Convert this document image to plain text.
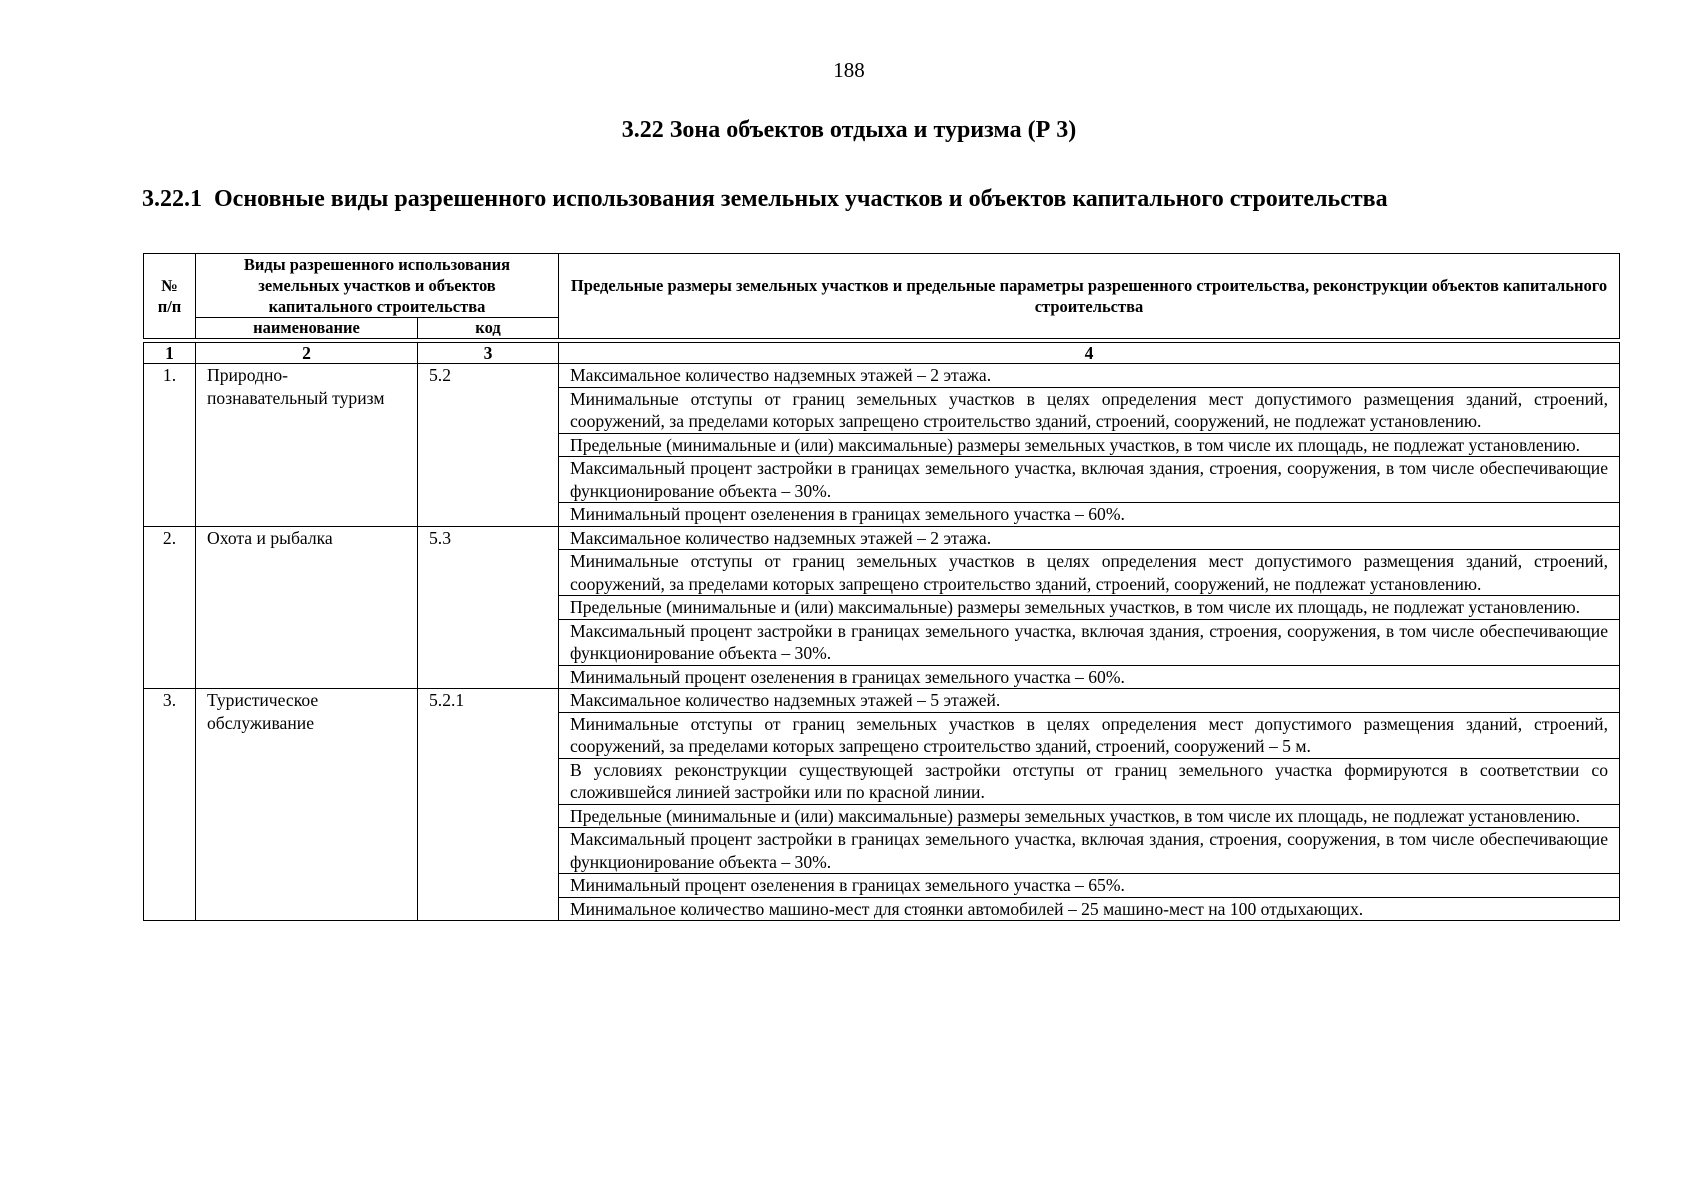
188
3.22 Зона объектов отдыха и туризма (Р 3)
3.22.1 Основные виды разрешенного использования земельных участков и объектов капитального строительства
№ п/п	Виды разрешенного использования земельных участков и объектов капитального строительства		Предельные размеры земельных участков и предельные параметры разрешенного строительства, реконструкции объектов капитального строительства
	наименование	код	

1	2	3	4
1.	Природно-познавательный туризм	5.2	Максимальное количество надземных этажей – 2 этажа.
			Минимальные отступы от границ земельных участков в целях определения мест допустимого размещения зданий, строений, сооружений, за пределами которых запрещено строительство зданий, строений, сооружений, не подлежат установлению.
			Предельные (минимальные и (или) максимальные) размеры земельных участков, в том числе их площадь, не подлежат установлению.
			Максимальный процент застройки в границах земельного участка, включая здания, строения, сооружения, в том числе обеспечивающие функционирование объекта – 30%.
			Минимальный процент озеленения в границах земельного участка – 60%.
2.	Охота и рыбалка	5.3	Максимальное количество надземных этажей – 2 этажа.
			Минимальные отступы от границ земельных участков в целях определения мест допустимого размещения зданий, строений, сооружений, за пределами которых запрещено строительство зданий, строений, сооружений, не подлежат установлению.
			Предельные (минимальные и (или) максимальные) размеры земельных участков, в том числе их площадь, не подлежат установлению.
			Максимальный процент застройки в границах земельного участка, включая здания, строения, сооружения, в том числе обеспечивающие функционирование объекта – 30%.
			Минимальный процент озеленения в границах земельного участка – 60%.
3.	Туристическое обслуживание	5.2.1	Максимальное количество надземных этажей – 5 этажей.
			Минимальные отступы от границ земельных участков в целях определения мест допустимого размещения зданий, строений, сооружений, за пределами которых запрещено строительство зданий, строений, сооружений – 5 м.
			В условиях реконструкции существующей застройки отступы от границ земельного участка формируются в соответствии со сложившейся линией застройки или по красной линии.
			Предельные (минимальные и (или) максимальные) размеры земельных участков, в том числе их площадь, не подлежат установлению.
			Максимальный процент застройки в границах земельного участка, включая здания, строения, сооружения, в том числе обеспечивающие функционирование объекта – 30%.
			Минимальный процент озеленения в границах земельного участка – 65%.
			Минимальное количество машино-мест для стоянки автомобилей – 25 машино-мест на 100 отдыхающих.
